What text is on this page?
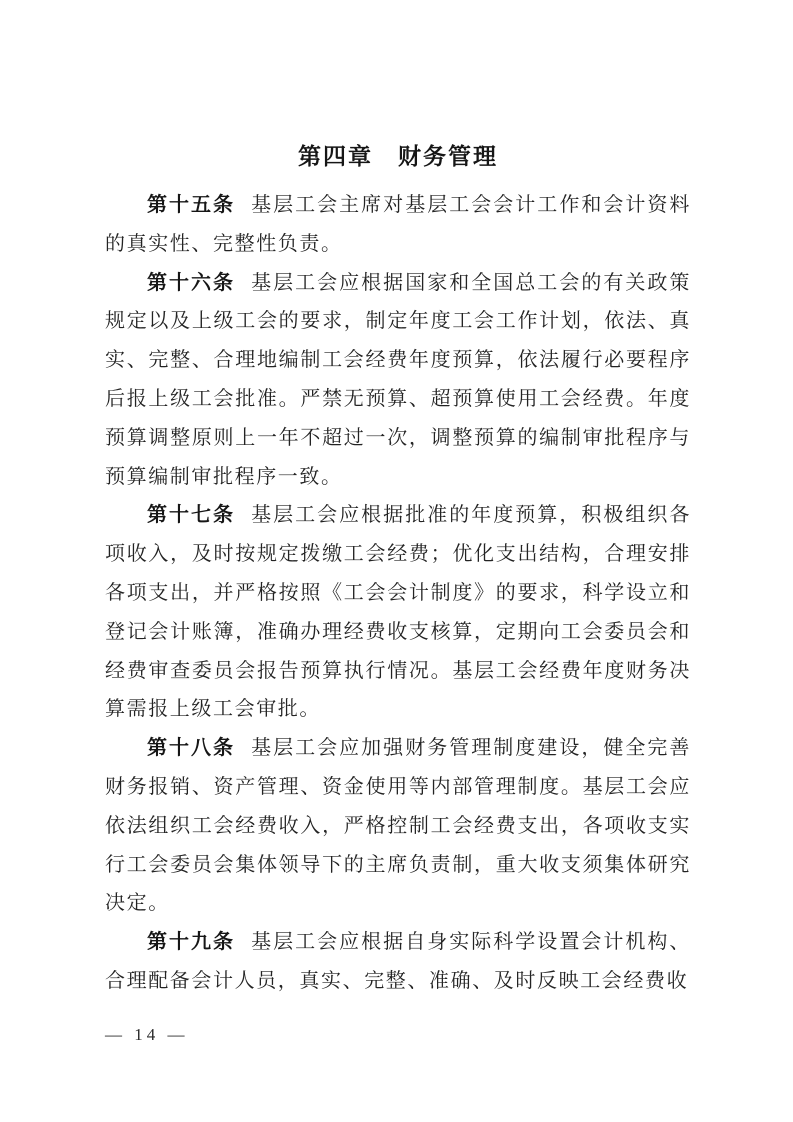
第四章　财务管理

第十五条 基层工会主席对基层工会会计工作和会计资料的真实性、完整性负责。

第十六条 基层工会应根据国家和全国总工会的有关政策规定以及上级工会的要求，制定年度工会工作计划，依法、真实、完整、合理地编制工会经费年度预算，依法履行必要程序后报上级工会批准。严禁无预算、超预算使用工会经费。年度预算调整原则上一年不超过一次，调整预算的编制审批程序与预算编制审批程序一致。

第十七条 基层工会应根据批准的年度预算，积极组织各项收入，及时按规定拨缴工会经费；优化支出结构，合理安排各项支出，并严格按照《工会会计制度》的要求，科学设立和登记会计账簿，准确办理经费收支核算，定期向工会委员会和经费审查委员会报告预算执行情况。基层工会经费年度财务决算需报上级工会审批。

第十八条 基层工会应加强财务管理制度建设，健全完善财务报销、资产管理、资金使用等内部管理制度。基层工会应依法组织工会经费收入，严格控制工会经费支出，各项收支实行工会委员会集体领导下的主席负责制，重大收支须集体研究决定。

第十九条 基层工会应根据自身实际科学设置会计机构、合理配备会计人员，真实、完整、准确、及时反映工会经费收

— 14 —
